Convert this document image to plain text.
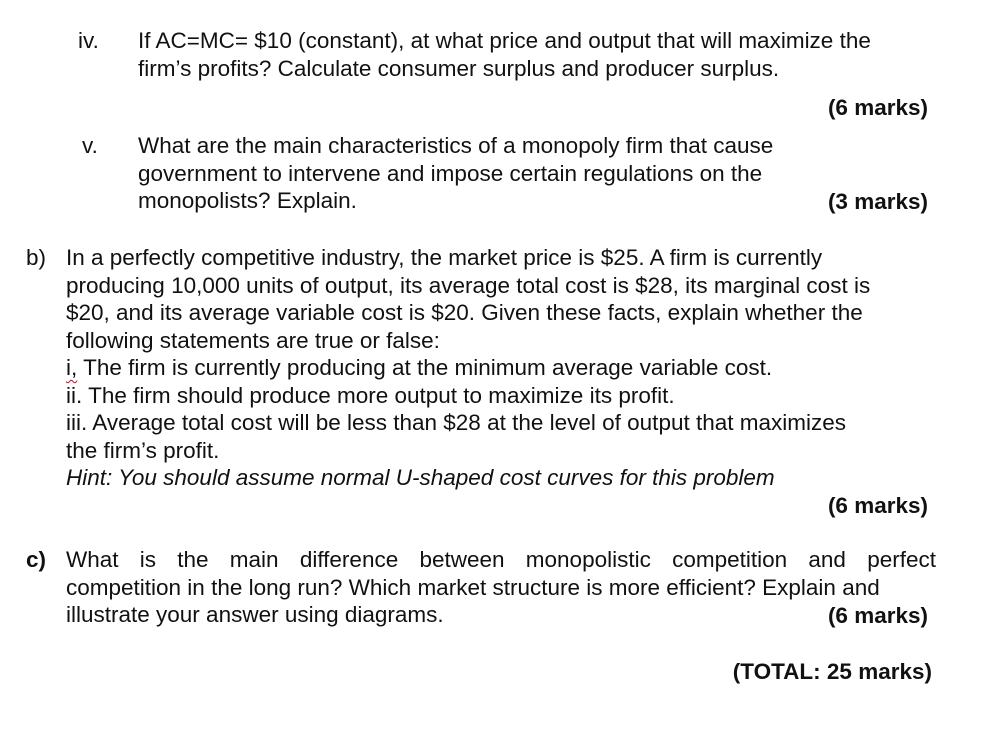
iv. If AC=MC= $10 (constant), at what price and output that will maximize the

firm’s profits? Calculate consumer surplus and producer surplus.

(6 marks)
v. What are the main characteristics of a monopoly firm that cause

government to intervene and impose certain regulations on the

monopolists? Explain.	(3 marks)
b) In a perfectly competitive industry, the market price is $25. A firm is currently

producing 10,000 units of output, its average total cost is $28, its marginal cost is

$20, and its average variable cost is $20. Given these facts, explain whether the

following statements are true or false:

i, The firm is currently producing at the minimum average variable cost.

ii. The firm should produce more output to maximize its profit.

iii. Average total cost will be less than $28 at the level of output that maximizes

the firm’s profit.

Hint: You should assume normal U-shaped cost curves for this problem

(6 marks)
c) What is the main difference between monopolistic competition and perfect

competition in the long run? Which market structure is more efficient? Explain and

illustrate your answer using diagrams.	(6 marks)
(TOTAL: 25 marks)
